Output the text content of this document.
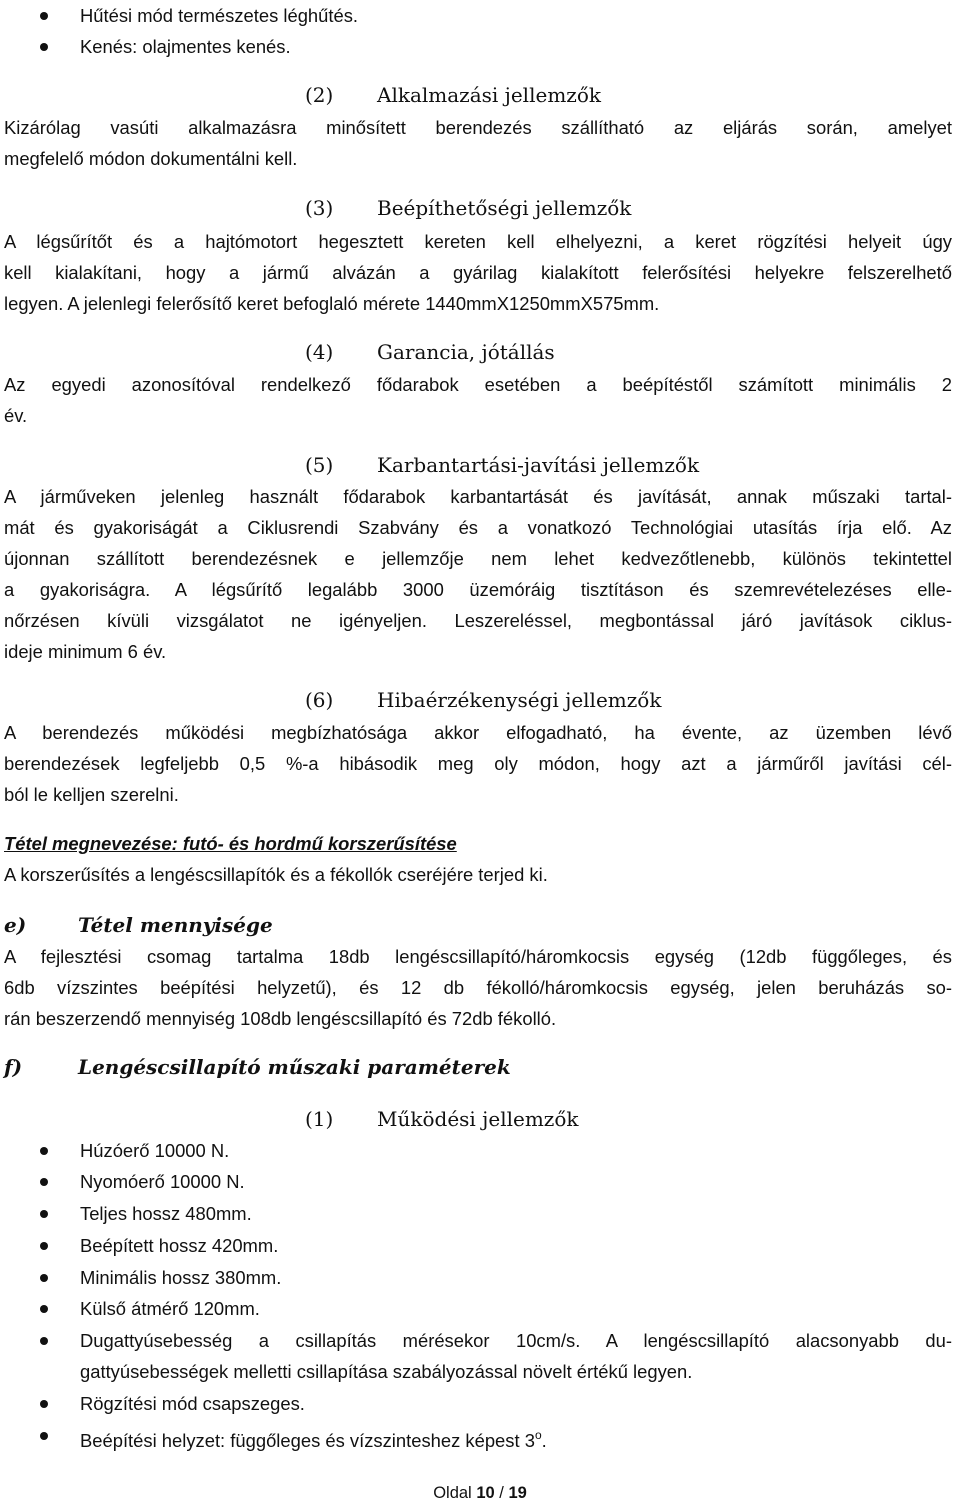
Hűtési mód természetes léghűtés.
Kenés: olajmentes kenés.
(2) Alkalmazási jellemzők
Kizárólag vasúti alkalmazásra minősített berendezés szállítható az eljárás során, amelyet
megfelelő módon dokumentálni kell.
(3) Beépíthetőségi jellemzők
A légsűrítőt és a hajtómotort hegesztett kereten kell elhelyezni, a keret rögzítési helyeit úgy
kell kialakítani, hogy a jármű alvázán a gyárilag kialakított felerősítési helyekre felszerelhető
legyen. A jelenlegi felerősítő keret befoglaló mérete 1440mmX1250mmX575mm.
(4) Garancia, jótállás
Az egyedi azonosítóval rendelkező fődarabok esetében a beépítéstől számított minimális 2
év.
(5) Karbantartási-javítási jellemzők
A járműveken jelenleg használt fődarabok karbantartását és javítását, annak műszaki tartal-
mát és gyakoriságát a Ciklusrendi Szabvány és a vonatkozó Technológiai utasítás írja elő. Az
újonnan szállított berendezésnek e jellemzője nem lehet kedvezőtlenebb, különös tekintettel
a gyakoriságra. A légsűrítő legalább 3000 üzemóráig tisztításon és szemrevételezéses elle-
nőrzésen kívüli vizsgálatot ne igényeljen. Leszereléssel, megbontással járó javítások ciklus-
ideje minimum 6 év.
(6) Hibaérzékenységi jellemzők
A berendezés működési megbízhatósága akkor elfogadható, ha évente, az üzemben lévő
berendezések legfeljebb 0,5 %-a hibásodik meg oly módon, hogy azt a járműről javítási cél-
ból le kelljen szerelni.
Tétel megnevezése: futó- és hordmű korszerűsítése
A korszerűsítés a lengéscsillapítók és a fékollók cseréjére terjed ki.
e)	Tétel mennyisége
A fejlesztési csomag tartalma 18db lengéscsillapító/háromkocsis egység (12db függőleges, és
6db vízszintes beépítési helyzetű), és 12 db fékolló/háromkocsis egység, jelen beruházás so-
rán beszerzendő mennyiség 108db lengéscsillapító és 72db fékolló.
f)	Lengéscsillapító műszaki paraméterek
(1) Működési jellemzők
Húzóerő 10000 N.
Nyomóerő 10000 N.
Teljes hossz 480mm.
Beépített hossz 420mm.
Minimális hossz 380mm.
Külső átmérő 120mm.
Dugattyúsebesség a csillapítás mérésekor 10cm/s. A lengéscsillapító alacsonyabb du-
gattyúsebességek melletti csillapítása szabályozással növelt értékű legyen.
Rögzítési mód csapszeges.
Beépítési helyzet: függőleges és vízszinteshez képest 3$^o$.
Oldal 10 / 19
